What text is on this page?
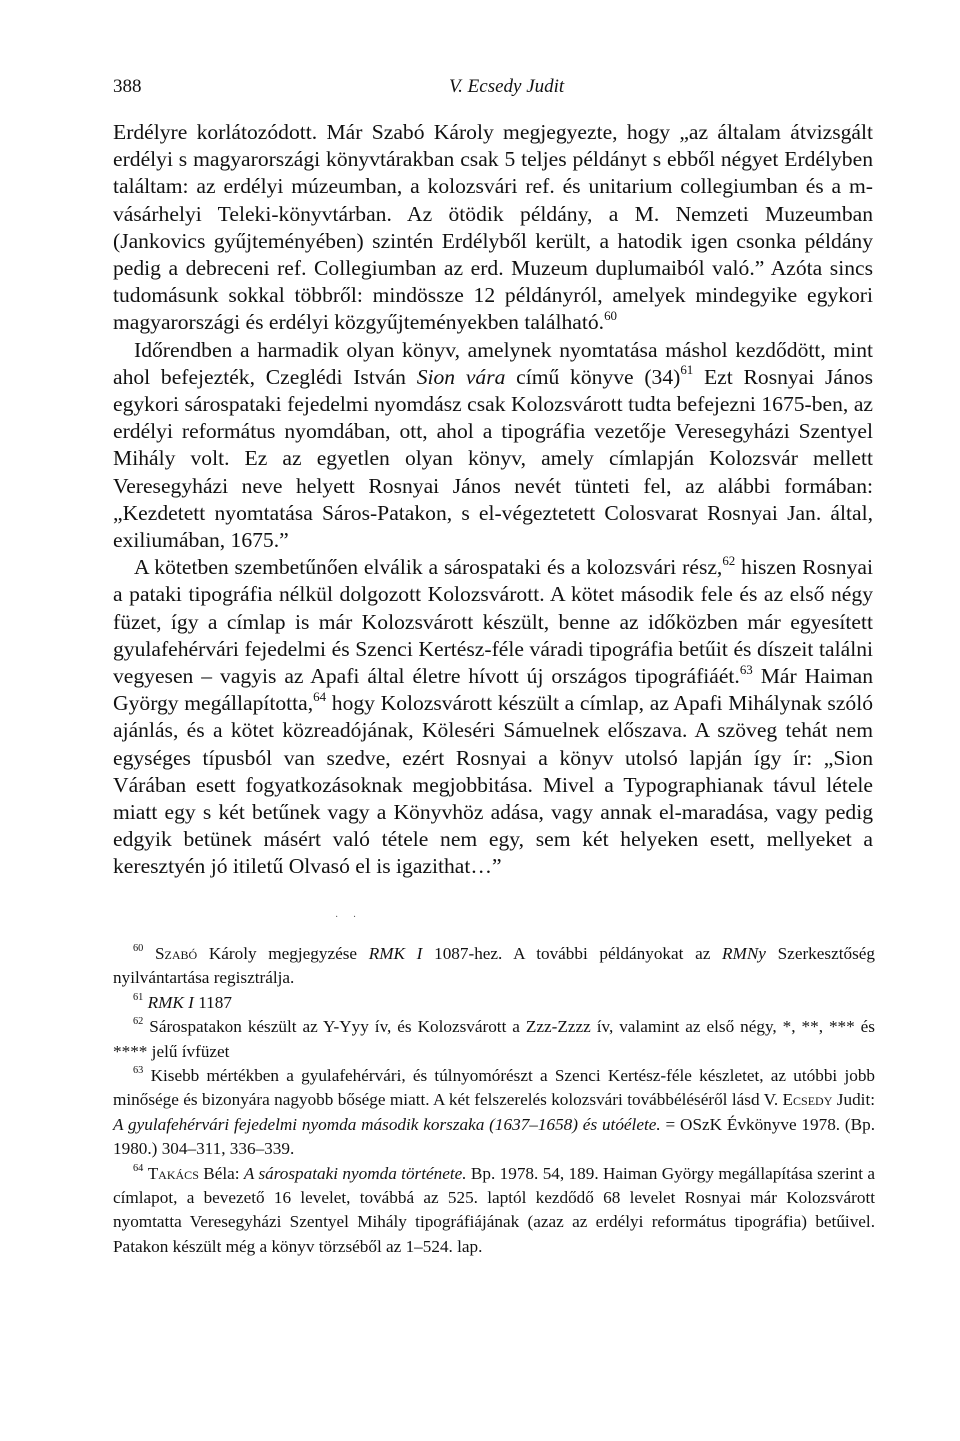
388	V. Ecsedy Judit

Erdélyre korlátozódott. Már Szabó Károly megjegyezte, hogy „az általam átvizsgált erdélyi s magyarországi könyvtárakban csak 5 teljes példányt s ebből négyet Erdélyben találtam: az erdélyi múzeumban, a kolozsvári ref. és unitarium collegiumban és a m-vásárhelyi Teleki-könyvtárban. Az ötödik példány, a M. Nemzeti Muzeumban (Jankovics gyűjteményében) szintén Erdélyből került, a hatodik igen csonka példány pedig a debreceni ref. Collegiumban az erd. Muzeum duplumaiból való.” Azóta sincs tudomásunk sokkal többről: mindössze 12 példányról, amelyek mindegyike egykori magyarországi és erdélyi közgyűjteményekben található.$^{60}$

Időrendben a harmadik olyan könyv, amelynek nyomtatása máshol kezdődött, mint ahol befejezték, Czeglédi István Sion vára című könyve $(34)^{61}$ Ezt Rosnyai János egykori sárospataki fejedelmi nyomdász csak Kolozsvárott tudta befejezni 1675-ben, az erdélyi református nyomdában, ott, ahol a tipográfia vezetője Veresegyházi Szentyel Mihály volt. Ez az egyetlen olyan könyv, amely címlapján Kolozsvár mellett Veresegyházi neve helyett Rosnyai János nevét tünteti fel, az alábbi formában: „Kezdetett nyomtatása Sáros-Patakon, s el-végeztetett Colosvarat Rosnyai Jan. által, exiliumában, 1675.”

A kötetben szembetűnően elválik a sárospataki és a kolozsvári rész,$^{62}$ hiszen Rosnyai a pataki tipográfia nélkül dolgozott Kolozsvárott. A kötet második fele és az első négy füzet, így a címlap is már Kolozsvárott készült, benne az időközben már egyesített gyulafehérvári fejedelmi és Szenci Kertész-féle váradi tipográfia betűit és díszeit találni vegyesen – vagyis az Apafi által életre hívott új országos tipográfiáét.$^{63}$ Már Haiman György megállapította,$^{64}$ hogy Kolozsvárott készült a címlap, az Apafi Mihálynak szóló ajánlás, és a kötet közreadójának, Köleséri Sámuelnek előszava. A szöveg tehát nem egységes típusból van szedve, ezért Rosnyai a könyv utolsó lapján így ír: „Sion Várában esett fogyatkozásoknak megjobbitása. Mivel a Typographianak távul létele miatt egy s két betűnek vagy a Könyvhöz adása, vagy annak el-maradása, vagy pedig edgyik betünek másért való tétele nem egy, sem két helyeken esett, mellyeket a keresztyén jó itiletű Olvasó el is igazithat…”

· ·

$^{60}$ Szabó Károly megjegyzése RMK I 1087-hez. A további példányokat az RMNy Szerkesztőség nyilvántartása regisztrálja.

$^{61}$ RMK I 1187

$^{62}$ Sárospatakon készült az Y-Yyy ív, és Kolozsvárott a Zzz-Zzzz ív, valamint az első négy, *, **, *** és **** jelű ívfüzet

$^{63}$ Kisebb mértékben a gyulafehérvári, és túlnyomórészt a Szenci Kertész-féle készletet, az utóbbi jobb minősége és bizonyára nagyobb bősége miatt. A két felszerelés kolozsvári továbbéléséről lásd V. Ecsedy Judit: A gyulafehérvári fejedelmi nyomda második korszaka (1637–1658) és utóélete. = OSzK Évkönyve 1978. (Bp. 1980.) 304–311, 336–339.

$^{64}$ Takács Béla: A sárospataki nyomda története. Bp. 1978. 54, 189. Haiman György megállapítása szerint a címlapot, a bevezető 16 levelet, továbbá az 525. laptól kezdődő 68 levelet Rosnyai már Kolozsvárott nyomtatta Veresegyházi Szentyel Mihály tipográfiájának (azaz az erdélyi református tipográfia) betűivel. Patakon készült még a könyv törzséből az 1–524. lap.
